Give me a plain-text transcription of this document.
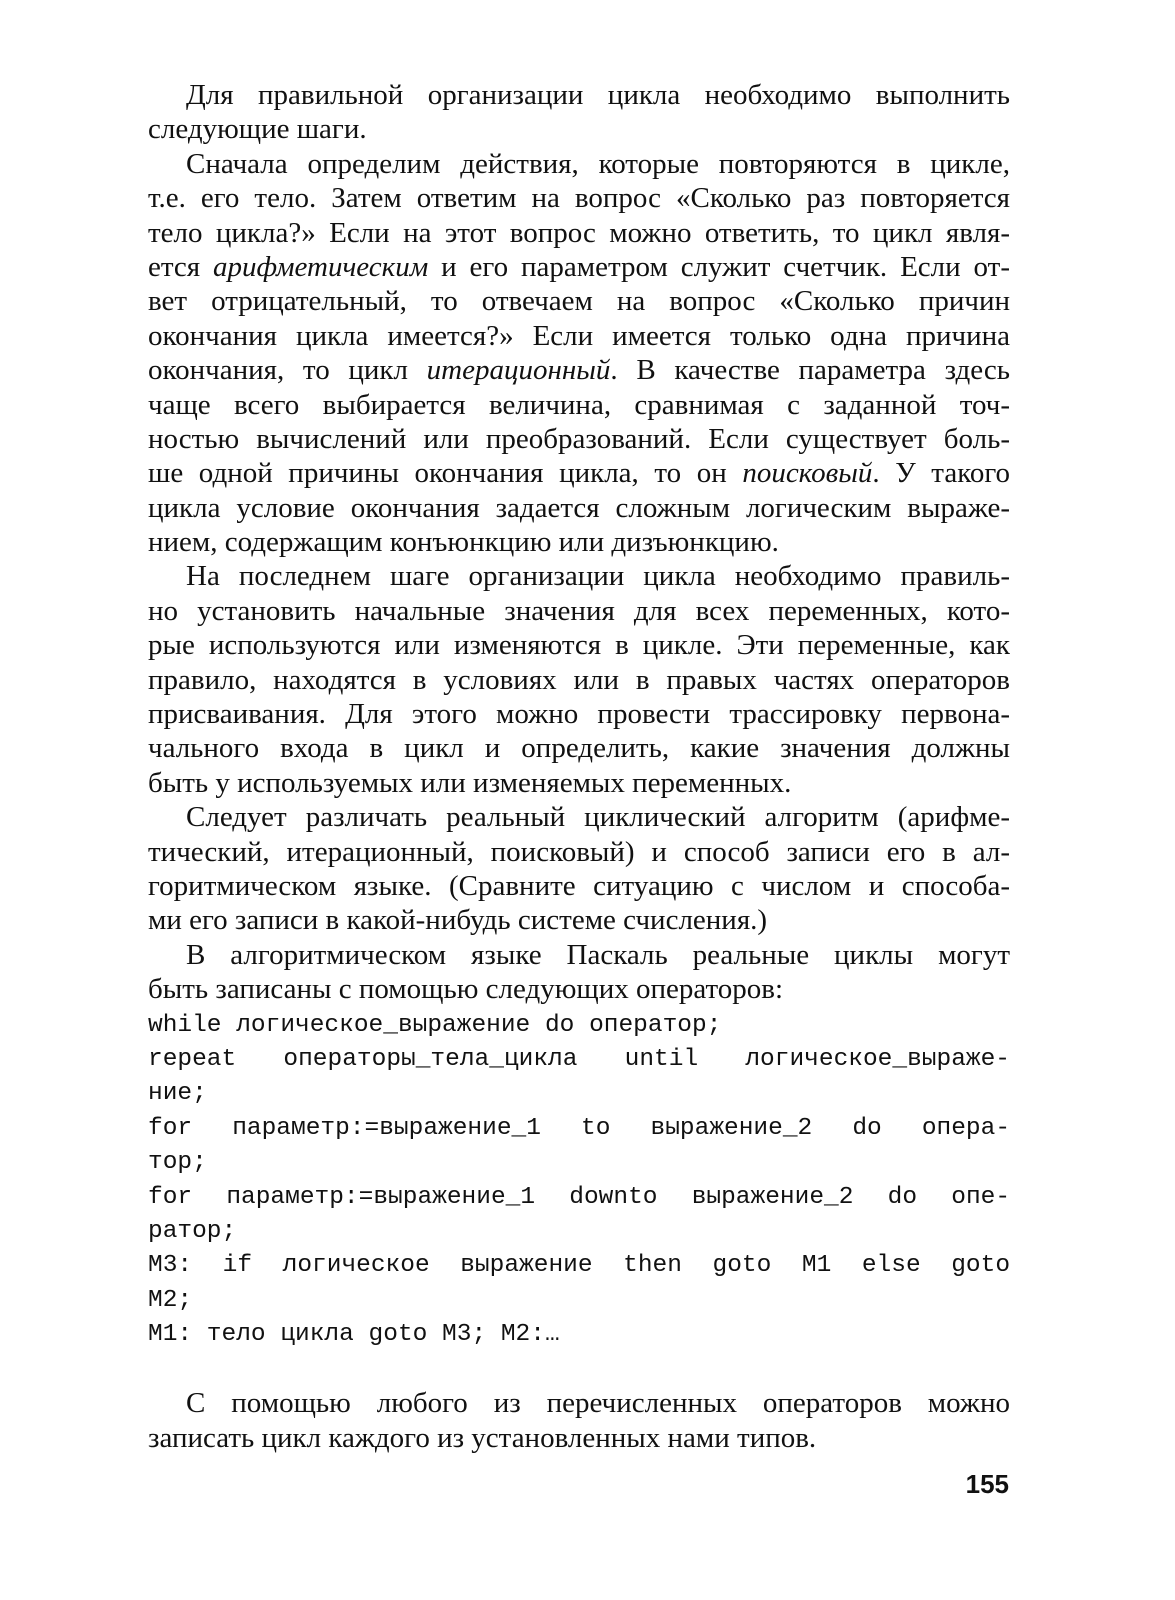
Для правильной организации цикла необходимо выполнить
следующие шаги.
Сначала определим действия, которые повторяются в цикле,
т.е. его тело. Затем ответим на вопрос «Сколько раз повторяется
тело цикла?» Если на этот вопрос можно ответить, то цикл явля-
ется арифметическим и его параметром служит счетчик. Если от-
вет отрицательный, то отвечаем на вопрос «Сколько причин
окончания цикла имеется?» Если имеется только одна причина
окончания, то цикл итерационный. В качестве параметра здесь
чаще всего выбирается величина, сравнимая с заданной точ-
ностью вычислений или преобразований. Если существует боль-
ше одной причины окончания цикла, то он поисковый. У такого
цикла условие окончания задается сложным логическим выраже-
нием, содержащим конъюнкцию или дизъюнкцию.
На последнем шаге организации цикла необходимо правиль-
но установить начальные значения для всех переменных, кото-
рые используются или изменяются в цикле. Эти переменные, как
правило, находятся в условиях или в правых частях операторов
присваивания. Для этого можно провести трассировку первона-
чального входа в цикл и определить, какие значения должны
быть у используемых или изменяемых переменных.
Следует различать реальный циклический алгоритм (арифме-
тический, итерационный, поисковый) и способ записи его в ал-
горитмическом языке. (Сравните ситуацию с числом и способа-
ми его записи в какой-нибудь системе счисления.)
В алгоритмическом языке Паскаль реальные циклы могут
быть записаны с помощью следующих операторов:
while логическое_выражение do оператор;
repeat операторы_тела_цикла until логическое_выраже-
ние;
for параметр:=выражение_1 to выражение_2 do опера-
тор;
for параметр:=выражение_1 downto выражение_2 do опе-
ратор;
M3: if логическое выражение then goto M1 else goto
M2;
M1: тело цикла goto M3; M2:…
С помощью любого из перечисленных операторов можно
записать цикл каждого из установленных нами типов.
155
